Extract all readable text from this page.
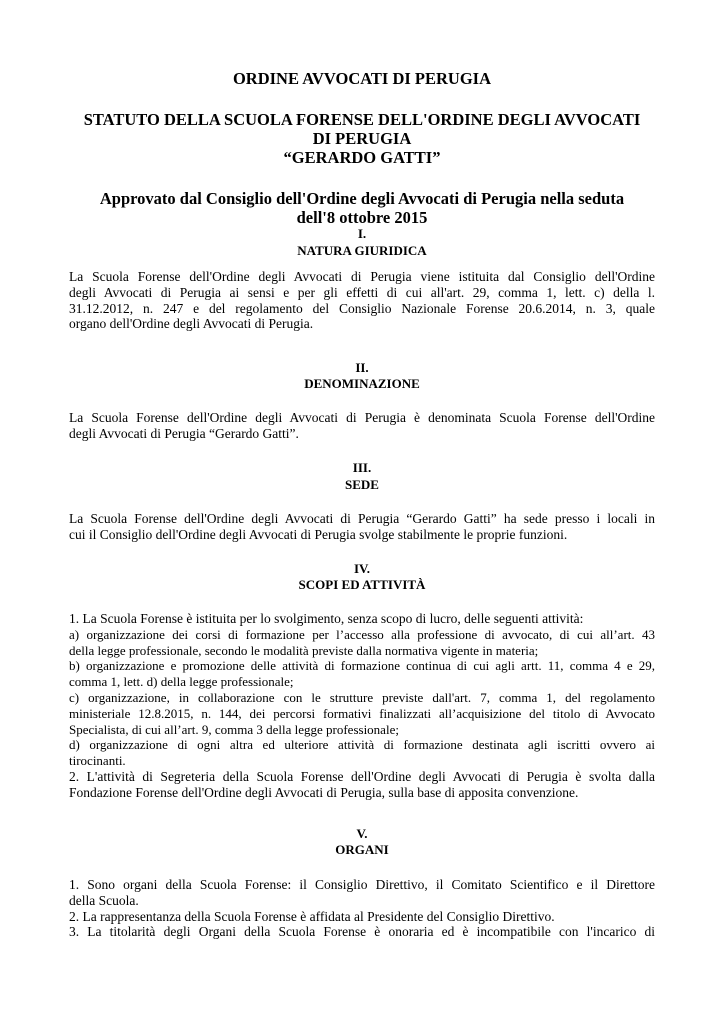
ORDINE AVVOCATI DI PERUGIA
STATUTO DELLA SCUOLA FORENSE DELL'ORDINE DEGLI AVVOCATI
DI PERUGIA
“GERARDO GATTI”
Approvato dal Consiglio dell'Ordine degli Avvocati di Perugia nella seduta
dell'8 ottobre 2015
I.
NATURA GIURIDICA
La Scuola Forense dell'Ordine degli Avvocati di Perugia viene istituita dal Consiglio dell'Ordine
degli Avvocati di Perugia ai sensi e per gli effetti di cui all'art. 29, comma 1, lett. c) della l.
31.12.2012, n. 247 e del regolamento del Consiglio Nazionale Forense 20.6.2014, n. 3, quale
organo dell'Ordine degli Avvocati di Perugia.
II.
DENOMINAZIONE
La Scuola Forense dell'Ordine degli Avvocati di Perugia è denominata Scuola Forense dell'Ordine
degli Avvocati di Perugia “Gerardo Gatti”.
III.
SEDE
La Scuola Forense dell'Ordine degli Avvocati di Perugia “Gerardo Gatti” ha sede presso i locali in
cui il Consiglio dell'Ordine degli Avvocati di Perugia svolge stabilmente le proprie funzioni.
IV.
SCOPI ED ATTIVITÀ
1. La Scuola Forense è istituita per lo svolgimento, senza scopo di lucro, delle seguenti attività:
a) organizzazione dei corsi di formazione per l’accesso alla professione di avvocato, di cui all’art. 43
della legge professionale, secondo le modalità previste dalla normativa vigente in materia;
b) organizzazione e promozione delle attività di formazione continua di cui agli artt. 11, comma 4 e 29,
comma 1, lett. d) della legge professionale;
c) organizzazione, in collaborazione con le strutture previste dall'art. 7, comma 1, del regolamento
ministeriale 12.8.2015, n. 144, dei percorsi formativi finalizzati all’acquisizione del titolo di Avvocato
Specialista, di cui all’art. 9, comma 3 della legge professionale;
d) organizzazione di ogni altra ed ulteriore attività di formazione destinata agli iscritti ovvero ai
tirocinanti.
2. L'attività di Segreteria della Scuola Forense dell'Ordine degli Avvocati di Perugia è svolta dalla
Fondazione Forense dell'Ordine degli Avvocati di Perugia, sulla base di apposita convenzione.
V.
ORGANI
1. Sono organi della Scuola Forense: il Consiglio Direttivo, il Comitato Scientifico e il Direttore
della Scuola.
2. La rappresentanza della Scuola Forense è affidata al Presidente del Consiglio Direttivo.
3. La titolarità degli Organi della Scuola Forense è onoraria ed è incompatibile con l'incarico di
